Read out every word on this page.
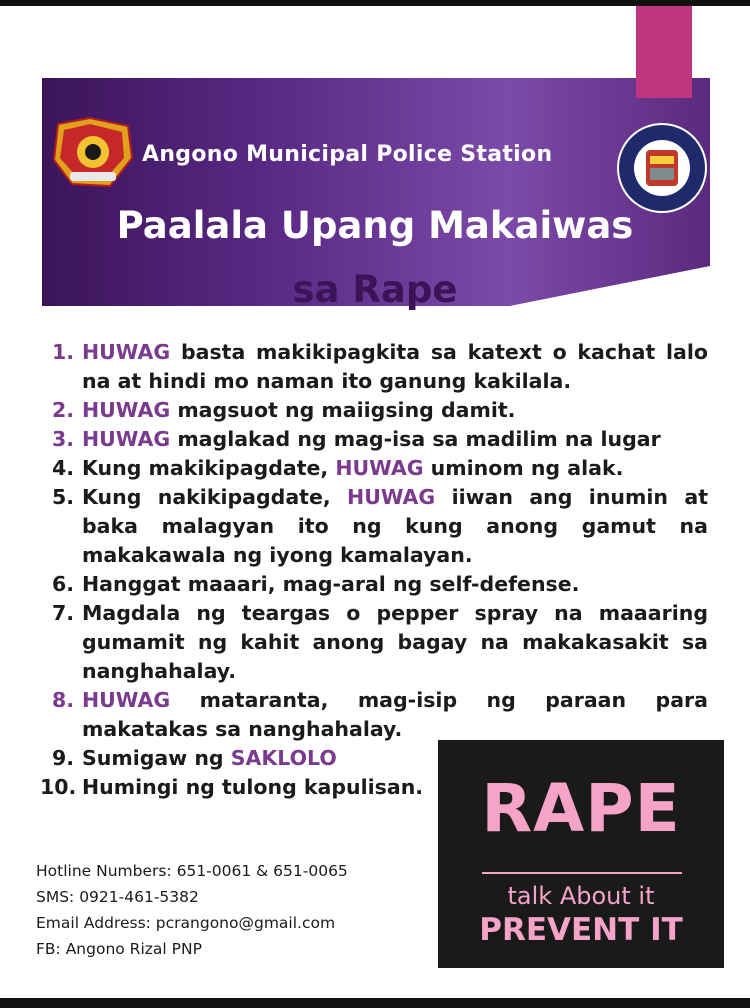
Angono Municipal Police Station
Paalala Upang Makaiwas
sa Rape
1. HUWAG basta makikipagkita sa katext o kachat lalo na at hindi mo naman ito ganung kakilala.
2. HUWAG magsuot ng maiigsing damit.
3. HUWAG maglakad ng mag-isa sa madilim na lugar
4. Kung makikipagdate, HUWAG uminom ng alak.
5. Kung nakikipagdate, HUWAG iiwan ang inumin at baka malagyan ito ng kung anong gamut na makakawala ng iyong kamalayan.
6. Hanggat maaari, mag-aral ng self-defense.
7. Magdala ng teargas o pepper spray na maaaring gumamit ng kahit anong bagay na makakasakit sa nanghahalay.
8. HUWAG mataranta, mag-isip ng paraan para makatakas sa nanghahalay.
9. Sumigaw ng SAKLOLO
10. Humingi ng tulong kapulisan.
Hotline Numbers: 651-0061 & 651-0065
SMS: 0921-461-5382
Email Address: pcrangono@gmail.com
FB: Angono Rizal PNP
RAPE
talk About it
PREVENT IT
